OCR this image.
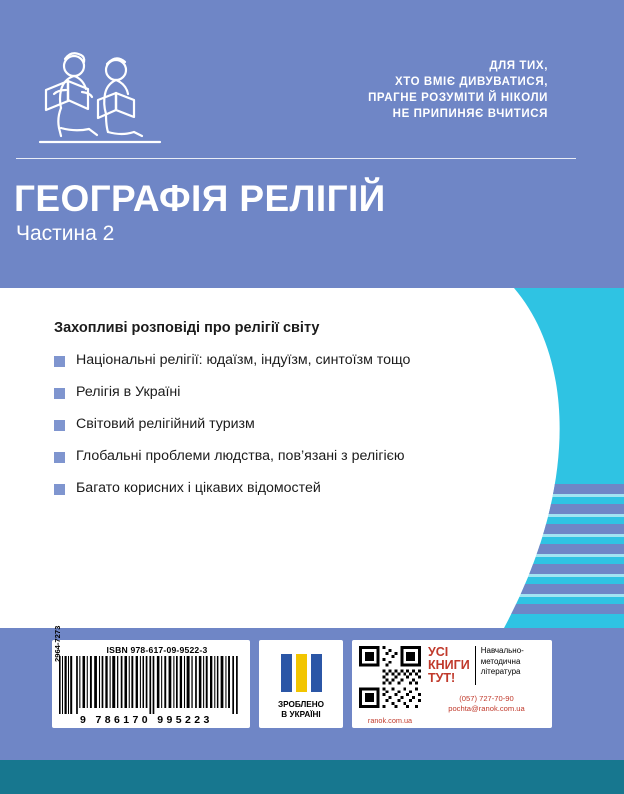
ДЛЯ ТИХ,
ХТО ВМІЄ ДИВУВАТИСЯ,
ПРАГНЕ РОЗУМІТИ Й НІКОЛИ
НЕ ПРИПИНЯЄ ВЧИТИСЯ
ГЕОГРАФІЯ РЕЛІГІЙ
Частина 2

Захопливі розповіді про релігії світу

Національні релігії: юдаїзм, індуїзм, синтоїзм тощо
Релігія в Україні
Світовий релігійний туризм
Глобальні проблеми людства, пов’язані з релігією
Багато корисних і цікавих відомостей
ISBN 978-617-09-9522-3
2964-7273
9 786170 995223
ЗРОБЛЕНО
В УКРАЇНІ
ranok.com.ua
УСІ
КНИГИ
ТУТ!
Навчально-
методична
література
(057) 727-70-90
pochta@ranok.com.ua
